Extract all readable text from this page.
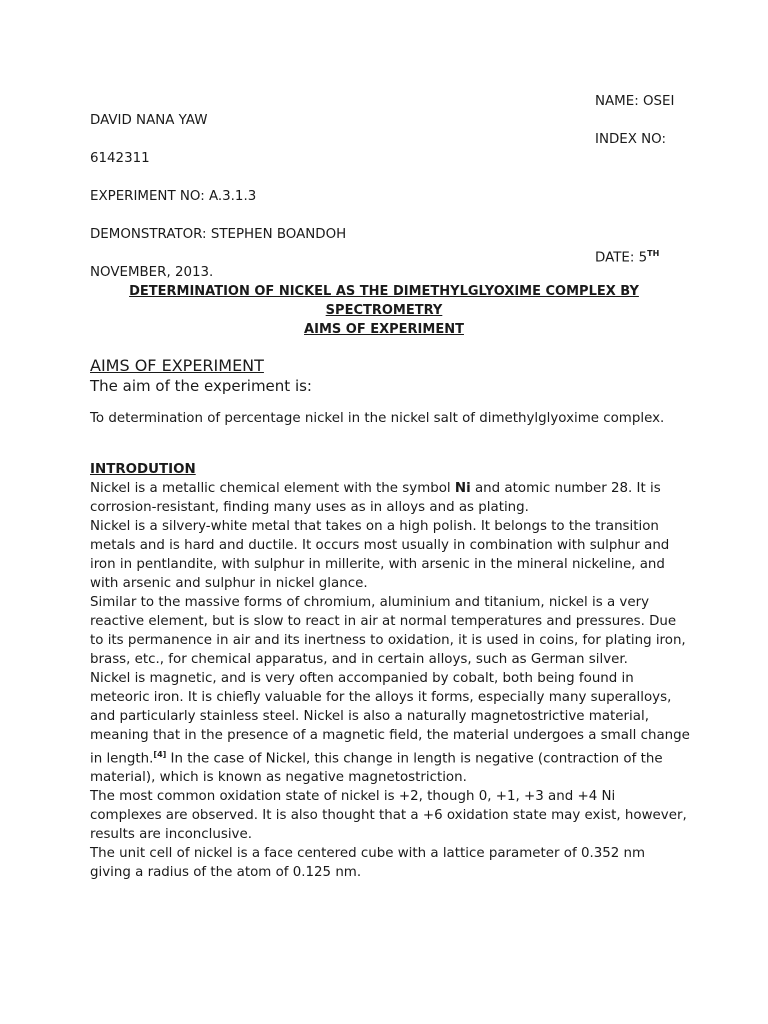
NAME: OSEI
DAVID NANA YAW
INDEX NO:
6142311
EXPERIMENT NO: A.3.1.3
DEMONSTRATOR: STEPHEN BOANDOH
DATE: 5TH
NOVEMBER, 2013.
DETERMINATION OF NICKEL AS THE DIMETHYLGLYOXIME COMPLEX BY
SPECTROMETRY
AIMS OF EXPERIMENT
AIMS OF EXPERIMENT
The aim of the experiment is:
To determination of percentage nickel in the nickel salt of dimethylglyoxime complex.
INTRODUTION

Nickel is a metallic chemical element with the symbol Ni and atomic number 28. It is corrosion-resistant, finding many uses as in alloys and as plating.

Nickel is a silvery-white metal that takes on a high polish. It belongs to the transition metals and is hard and ductile. It occurs most usually in combination with sulphur and iron in pentlandite, with sulphur in millerite, with arsenic in the mineral nickeline, and with arsenic and sulphur in nickel glance.

Similar to the massive forms of chromium, aluminium and titanium, nickel is a very reactive element, but is slow to react in air at normal temperatures and pressures. Due to its permanence in air and its inertness to oxidation, it is used in coins, for plating iron, brass, etc., for chemical apparatus, and in certain alloys, such as German silver.

Nickel is magnetic, and is very often accompanied by cobalt, both being found in meteoric iron. It is chiefly valuable for the alloys it forms, especially many superalloys, and particularly stainless steel. Nickel is also a naturally magnetostrictive material, meaning that in the presence of a magnetic field, the material undergoes a small change in length.[4] In the case of Nickel, this change in length is negative (contraction of the material), which is known as negative magnetostriction.

The most common oxidation state of nickel is +2, though 0, +1, +3 and +4 Ni complexes are observed. It is also thought that a +6 oxidation state may exist, however, results are inconclusive.

The unit cell of nickel is a face centered cube with a lattice parameter of 0.352 nm giving a radius of the atom of 0.125 nm.
